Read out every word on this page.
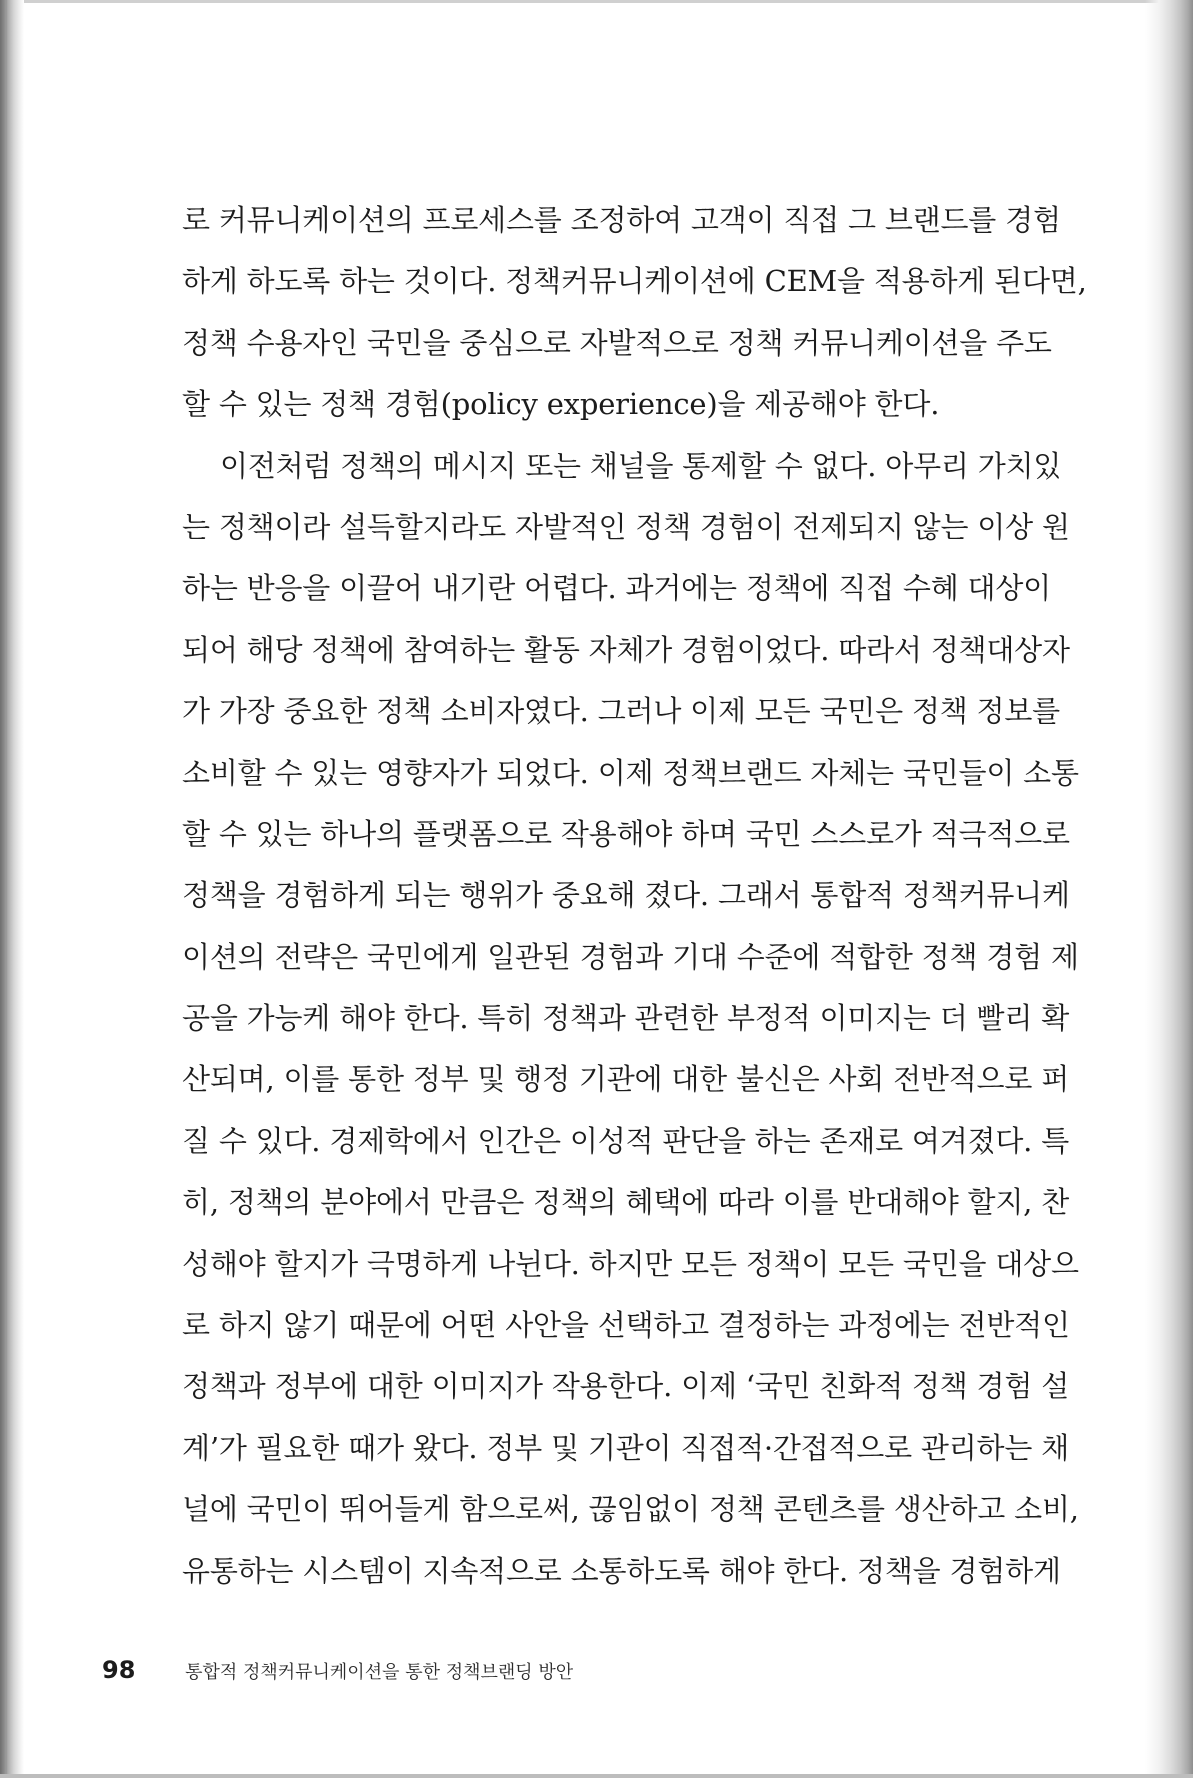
로 커뮤니케이션의 프로세스를 조정하여 고객이 직접 그 브랜드를 경험
하게 하도록 하는 것이다. 정책커뮤니케이션에 CEM을 적용하게 된다면,
정책 수용자인 국민을 중심으로 자발적으로 정책 커뮤니케이션을 주도
할 수 있는 정책 경험(policy experience)을 제공해야 한다.
이전처럼 정책의 메시지 또는 채널을 통제할 수 없다. 아무리 가치있
는 정책이라 설득할지라도 자발적인 정책 경험이 전제되지 않는 이상 원
하는 반응을 이끌어 내기란 어렵다. 과거에는 정책에 직접 수혜 대상이
되어 해당 정책에 참여하는 활동 자체가 경험이었다. 따라서 정책대상자
가 가장 중요한 정책 소비자였다. 그러나 이제 모든 국민은 정책 정보를
소비할 수 있는 영향자가 되었다. 이제 정책브랜드 자체는 국민들이 소통
할 수 있는 하나의 플랫폼으로 작용해야 하며 국민 스스로가 적극적으로
정책을 경험하게 되는 행위가 중요해 졌다. 그래서 통합적 정책커뮤니케
이션의 전략은 국민에게 일관된 경험과 기대 수준에 적합한 정책 경험 제
공을 가능케 해야 한다. 특히 정책과 관련한 부정적 이미지는 더 빨리 확
산되며, 이를 통한 정부 및 행정 기관에 대한 불신은 사회 전반적으로 퍼
질 수 있다. 경제학에서 인간은 이성적 판단을 하는 존재로 여겨졌다. 특
히, 정책의 분야에서 만큼은 정책의 혜택에 따라 이를 반대해야 할지, 찬
성해야 할지가 극명하게 나뉜다. 하지만 모든 정책이 모든 국민을 대상으
로 하지 않기 때문에 어떤 사안을 선택하고 결정하는 과정에는 전반적인
정책과 정부에 대한 이미지가 작용한다. 이제 ‘국민 친화적 정책 경험 설
계’가 필요한 때가 왔다. 정부 및 기관이 직접적·간접적으로 관리하는 채
널에 국민이 뛰어들게 함으로써, 끊임없이 정책 콘텐츠를 생산하고 소비,
유통하는 시스템이 지속적으로 소통하도록 해야 한다. 정책을 경험하게
98	통합적 정책커뮤니케이션을 통한 정책브랜딩 방안
